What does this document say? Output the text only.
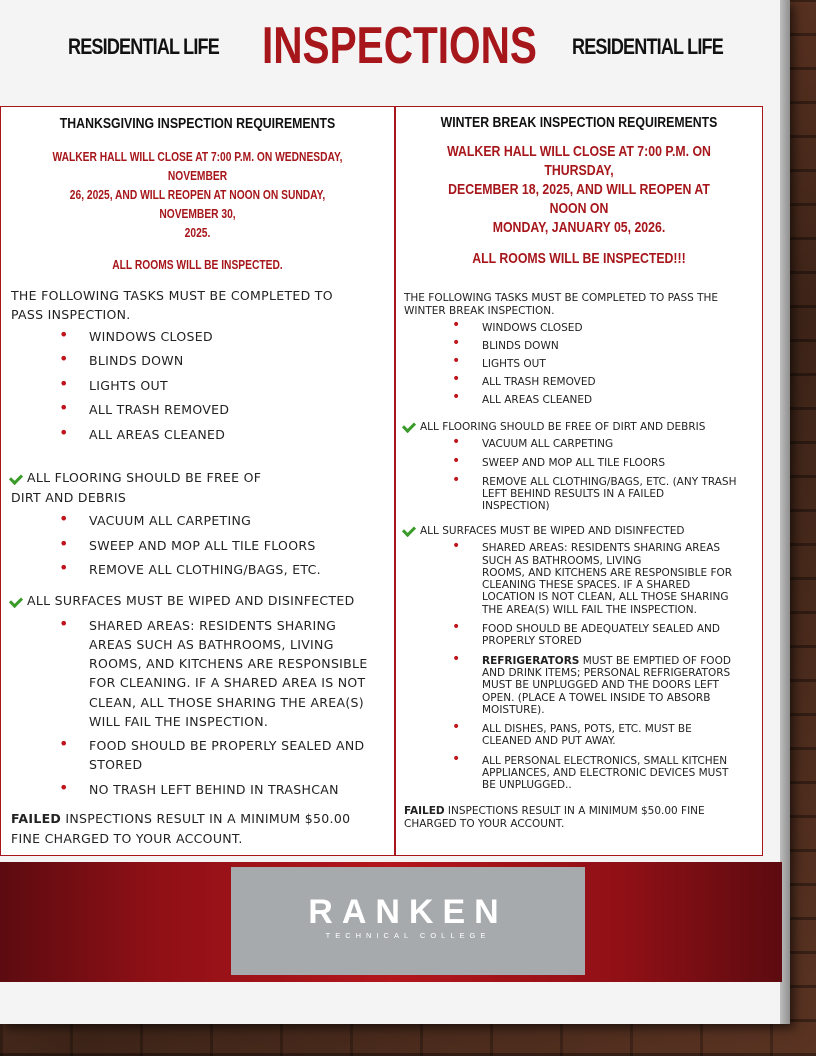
RESIDENTIAL LIFE INSPECTIONS RESIDENTIAL LIFE
THANKSGIVING INSPECTION REQUIREMENTS
WALKER HALL WILL CLOSE AT 7:00 P.M. ON WEDNESDAY, NOVEMBER
26, 2025, AND WILL REOPEN AT NOON ON SUNDAY, NOVEMBER 30,
2025.
ALL ROOMS WILL BE INSPECTED.
THE FOLLOWING TASKS MUST BE COMPLETED TO
PASS INSPECTION.
• WINDOWS CLOSED
• BLINDS DOWN
• LIGHTS OUT
• ALL TRASH REMOVED
• ALL AREAS CLEANED
ALL FLOORING SHOULD BE FREE OF
DIRT AND DEBRIS
• VACUUM ALL CARPETING
• SWEEP AND MOP ALL TILE FLOORS
• REMOVE ALL CLOTHING/BAGS, ETC.
ALL SURFACES MUST BE WIPED AND DISINFECTED
• SHARED AREAS: RESIDENTS SHARING
AREAS SUCH AS BATHROOMS, LIVING
ROOMS, AND KITCHENS ARE RESPONSIBLE
FOR CLEANING. IF A SHARED AREA IS NOT
CLEAN, ALL THOSE SHARING THE AREA(S)
WILL FAIL THE INSPECTION.
• FOOD SHOULD BE PROPERLY SEALED AND
STORED
• NO TRASH LEFT BEHIND IN TRASHCAN
FAILED INSPECTIONS RESULT IN A MINIMUM $50.00
FINE CHARGED TO YOUR ACCOUNT.
WINTER BREAK INSPECTION REQUIREMENTS
WALKER HALL WILL CLOSE AT 7:00 P.M. ON THURSDAY,
DECEMBER 18, 2025, AND WILL REOPEN AT NOON ON
MONDAY, JANUARY 05, 2026.
ALL ROOMS WILL BE INSPECTED!!!
THE FOLLOWING TASKS MUST BE COMPLETED TO PASS THE
WINTER BREAK INSPECTION.
• WINDOWS CLOSED
• BLINDS DOWN
• LIGHTS OUT
• ALL TRASH REMOVED
• ALL AREAS CLEANED
ALL FLOORING SHOULD BE FREE OF DIRT AND DEBRIS
• VACUUM ALL CARPETING
• SWEEP AND MOP ALL TILE FLOORS
• REMOVE ALL CLOTHING/BAGS, ETC. (ANY TRASH
LEFT BEHIND RESULTS IN A FAILED
INSPECTION)
ALL SURFACES MUST BE WIPED AND DISINFECTED
• SHARED AREAS: RESIDENTS SHARING AREAS
SUCH AS BATHROOMS, LIVING
ROOMS, AND KITCHENS ARE RESPONSIBLE FOR
CLEANING THESE SPACES. IF A SHARED
LOCATION IS NOT CLEAN, ALL THOSE SHARING
THE AREA(S) WILL FAIL THE INSPECTION.
• FOOD SHOULD BE ADEQUATELY SEALED AND
PROPERLY STORED
• REFRIGERATORS MUST BE EMPTIED OF FOOD
AND DRINK ITEMS; PERSONAL REFRIGERATORS
MUST BE UNPLUGGED AND THE DOORS LEFT
OPEN. (PLACE A TOWEL INSIDE TO ABSORB
MOISTURE).
• ALL DISHES, PANS, POTS, ETC. MUST BE
CLEANED AND PUT AWAY.
• ALL PERSONAL ELECTRONICS, SMALL KITCHEN
APPLIANCES, AND ELECTRONIC DEVICES MUST
BE UNPLUGGED..
FAILED INSPECTIONS RESULT IN A MINIMUM $50.00 FINE
CHARGED TO YOUR ACCOUNT.
RANKEN
TECHNICAL COLLEGE
